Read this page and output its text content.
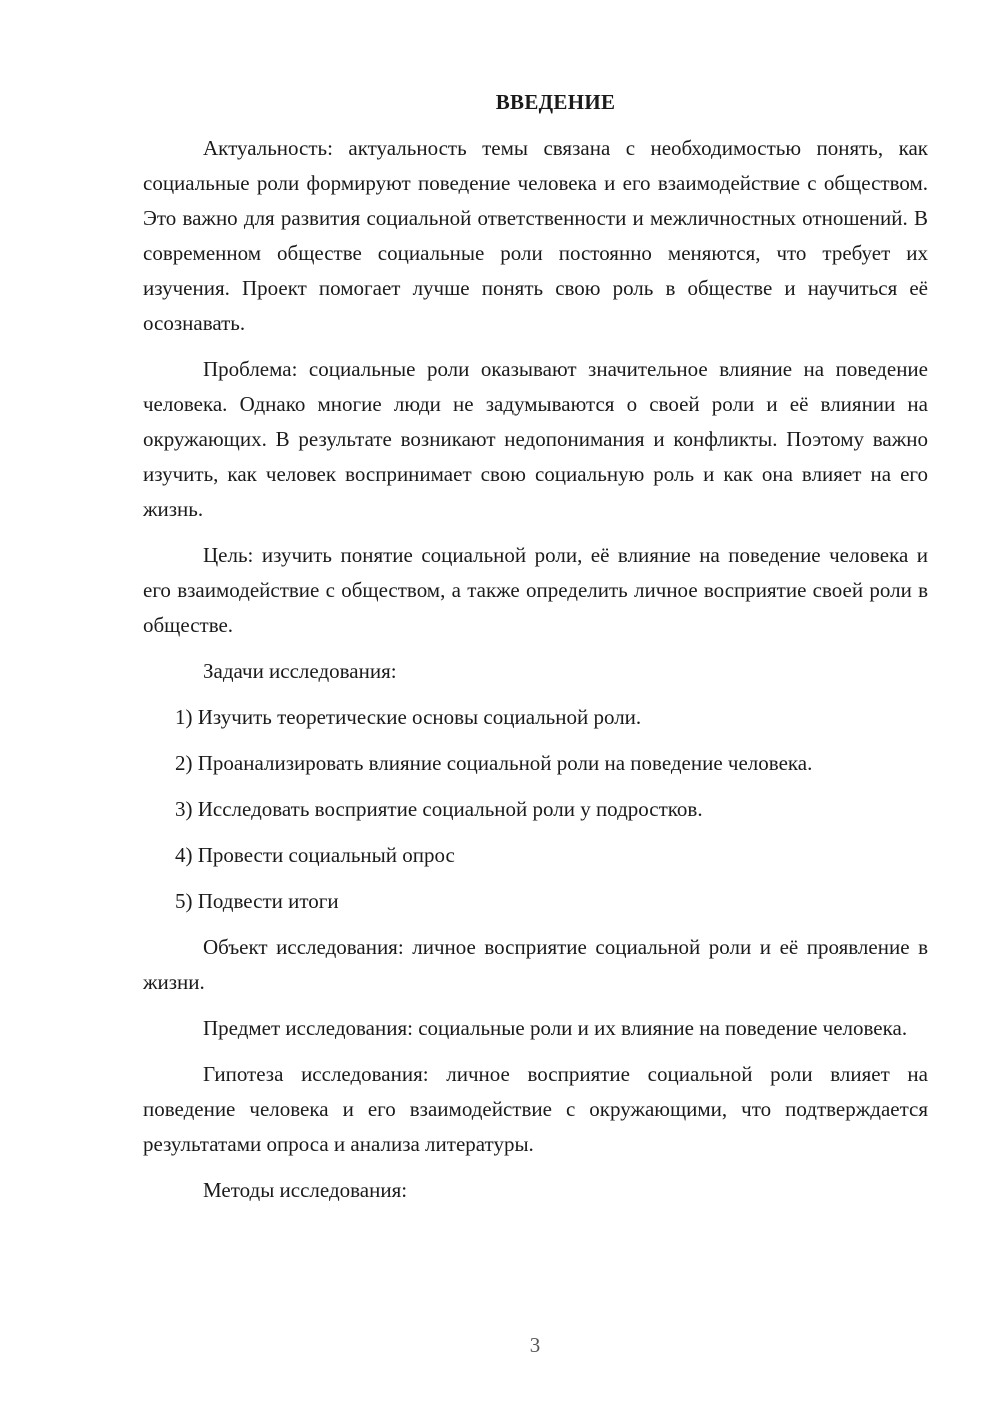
ВВЕДЕНИЕ

Актуальность: актуальность темы связана с необходимостью понять, как социальные роли формируют поведение человека и его взаимодействие с обществом. Это важно для развития социальной ответственности и межличностных отношений. В современном обществе социальные роли постоянно меняются, что требует их изучения. Проект помогает лучше понять свою роль в обществе и научиться её осознавать.

Проблема: социальные роли оказывают значительное влияние на поведение человека. Однако многие люди не задумываются о своей роли и её влиянии на окружающих. В результате возникают недопонимания и конфликты. Поэтому важно изучить, как человек воспринимает свою социальную роль и как она влияет на его жизнь.

Цель: изучить понятие социальной роли, её влияние на поведение человека и его взаимодействие с обществом, а также определить личное восприятие своей роли в обществе.

Задачи исследования:

1) Изучить теоретические основы социальной роли.

2) Проанализировать влияние социальной роли на поведение человека.

3) Исследовать восприятие социальной роли у подростков.

4) Провести социальный опрос

5) Подвести итоги

Объект исследования: личное восприятие социальной роли и её проявление в жизни.

Предмет исследования: социальные роли и их влияние на поведение человека.

Гипотеза исследования: личное восприятие социальной роли влияет на поведение человека и его взаимодействие с окружающими, что подтверждается результатами опроса и анализа литературы.

Методы исследования:

3
